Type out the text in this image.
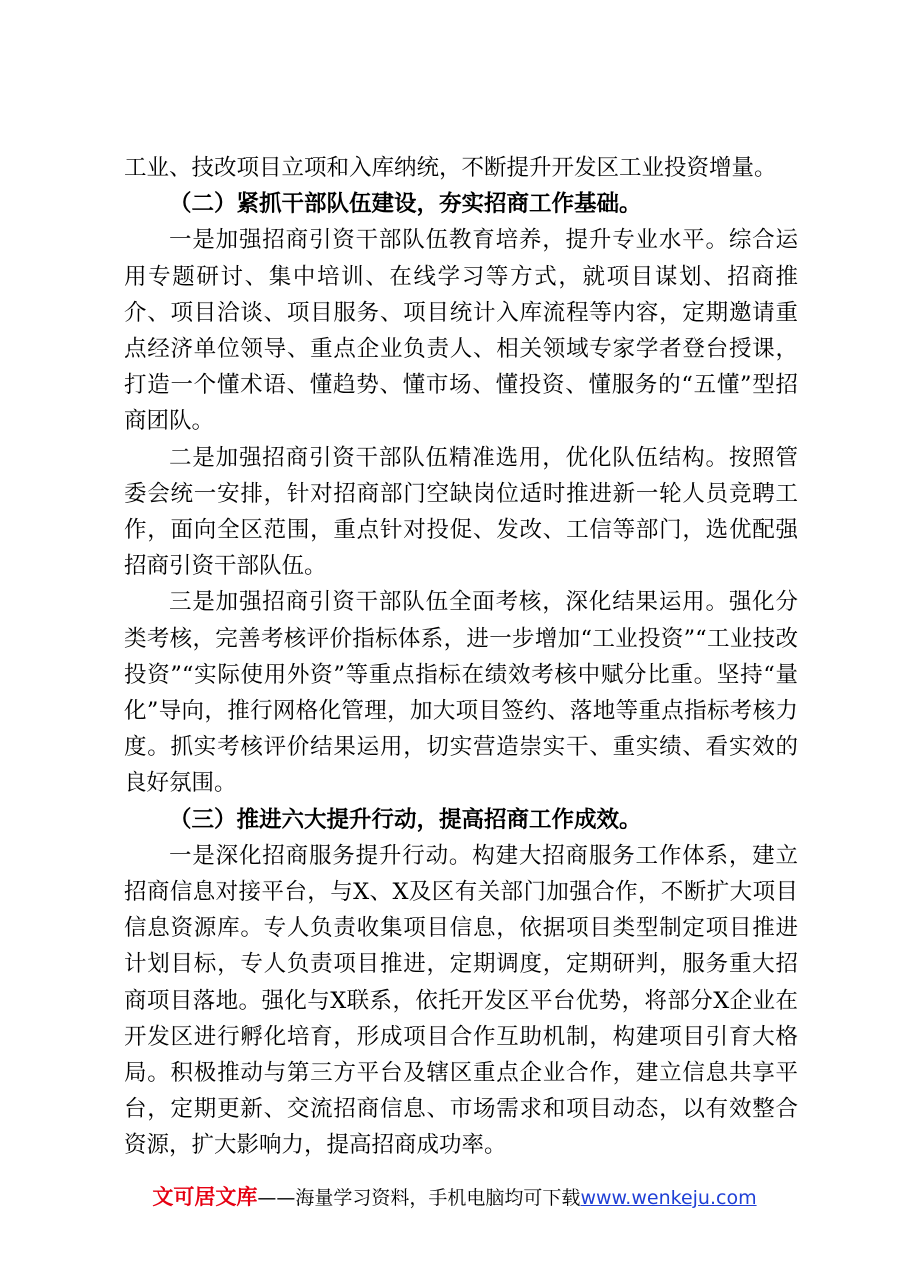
工业、技改项目立项和入库纳统，不断提升开发区工业投资增量。

（二）紧抓干部队伍建设，夯实招商工作基础。

一是加强招商引资干部队伍教育培养，提升专业水平。综合运用专题研讨、集中培训、在线学习等方式，就项目谋划、招商推介、项目洽谈、项目服务、项目统计入库流程等内容，定期邀请重点经济单位领导、重点企业负责人、相关领域专家学者登台授课，打造一个懂术语、懂趋势、懂市场、懂投资、懂服务的“五懂”型招商团队。

二是加强招商引资干部队伍精准选用，优化队伍结构。按照管委会统一安排，针对招商部门空缺岗位适时推进新一轮人员竞聘工作，面向全区范围，重点针对投促、发改、工信等部门，选优配强招商引资干部队伍。

三是加强招商引资干部队伍全面考核，深化结果运用。强化分类考核，完善考核评价指标体系，进一步增加“工业投资”“工业技改投资”“实际使用外资”等重点指标在绩效考核中赋分比重。坚持“量化”导向，推行网格化管理，加大项目签约、落地等重点指标考核力度。抓实考核评价结果运用，切实营造崇实干、重实绩、看实效的良好氛围。

（三）推进六大提升行动，提高招商工作成效。

一是深化招商服务提升行动。构建大招商服务工作体系，建立招商信息对接平台，与X、X及区有关部门加强合作，不断扩大项目信息资源库。专人负责收集项目信息，依据项目类型制定项目推进计划目标，专人负责项目推进，定期调度，定期研判，服务重大招商项目落地。强化与X联系，依托开发区平台优势，将部分X企业在开发区进行孵化培育，形成项目合作互助机制，构建项目引育大格局。积极推动与第三方平台及辖区重点企业合作，建立信息共享平台，定期更新、交流招商信息、市场需求和项目动态，以有效整合资源，扩大影响力，提高招商成功率。

文可居文库——海量学习资料，手机电脑均可下载www.wenkeju.com
